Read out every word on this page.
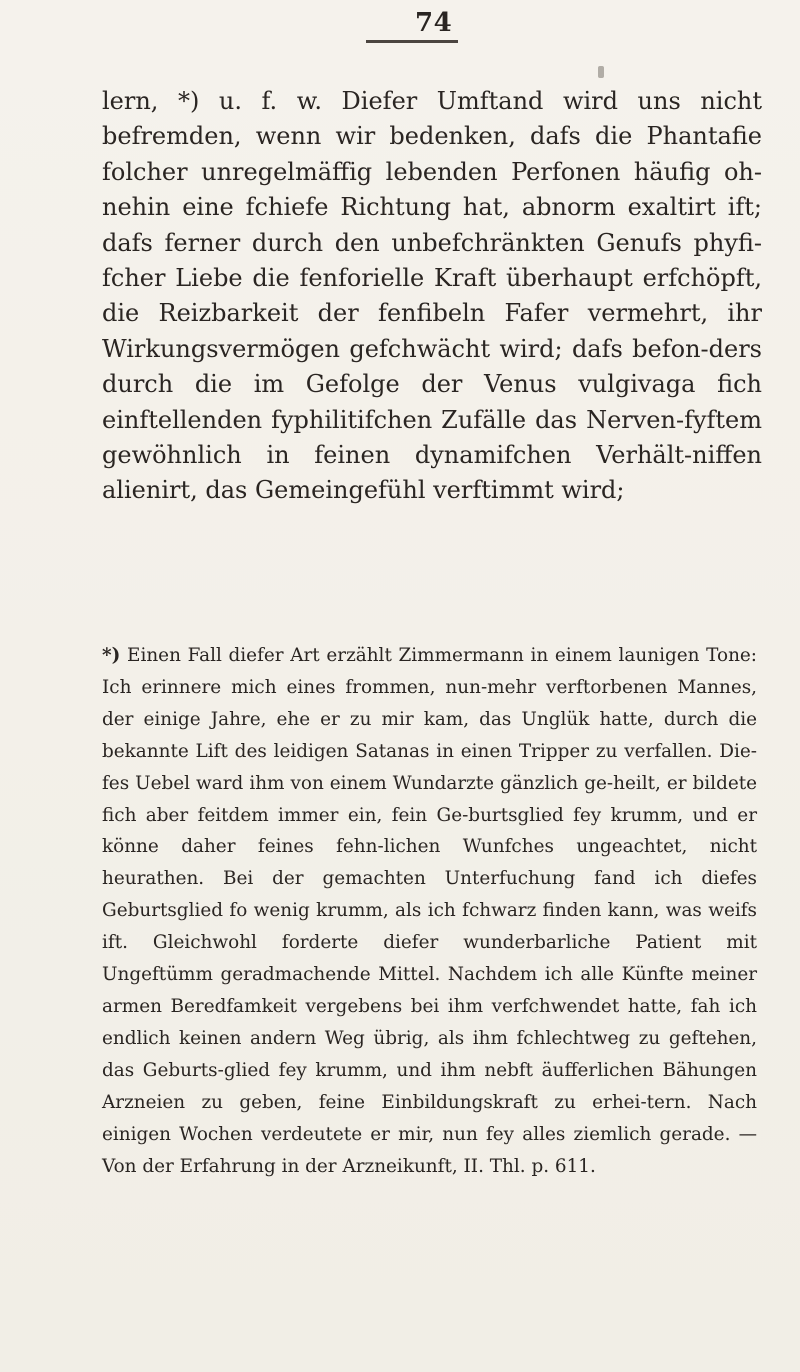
74

lern, *) u. f. w. Diefer Umftand wird uns nicht befremden, wenn wir bedenken, dafs die Phantafie folcher unregelmäffig lebenden Perfonen häufig oh-nehin eine fchiefe Richtung hat, abnorm exaltirt ift; dafs ferner durch den unbefchränkten Genufs phyfi-fcher Liebe die fenforielle Kraft überhaupt erfchöpft, die Reizbarkeit der fenfibeln Fafer vermehrt, ihr Wirkungsvermögen gefchwächt wird; dafs befon-ders durch die im Gefolge der Venus vulgivaga fich einftellenden fyphilitifchen Zufälle das Nerven-fyftem gewöhnlich in feinen dynamifchen Verhält-niffen alienirt, das Gemeingefühl verftimmt wird;

*) Einen Fall diefer Art erzählt Zimmermann in einem launigen Tone: Ich erinnere mich eines frommen, nun-mehr verftorbenen Mannes, der einige Jahre, ehe er zu mir kam, das Unglük hatte, durch die bekannte Lift des leidigen Satanas in einen Tripper zu verfallen. Die-fes Uebel ward ihm von einem Wundarzte gänzlich ge-heilt, er bildete fich aber feitdem immer ein, fein Ge-burtsglied fey krumm, und er könne daher feines fehn-lichen Wunfches ungeachtet, nicht heurathen. Bei der gemachten Unterfuchung fand ich diefes Geburtsglied fo wenig krumm, als ich fchwarz finden kann, was weifs ift. Gleichwohl forderte diefer wunderbarliche Patient mit Ungeftümm geradmachende Mittel. Nachdem ich alle Künfte meiner armen Beredfamkeit vergebens bei ihm verfchwendet hatte, fah ich endlich keinen andern Weg übrig, als ihm fchlechtweg zu geftehen, das Geburts-glied fey krumm, und ihm nebft äufferlichen Bähungen Arzneien zu geben, feine Einbildungskraft zu erhei-tern. Nach einigen Wochen verdeutete er mir, nun fey alles ziemlich gerade. — Von der Erfahrung in der Arzneikunft, II. Thl. p. 611.
